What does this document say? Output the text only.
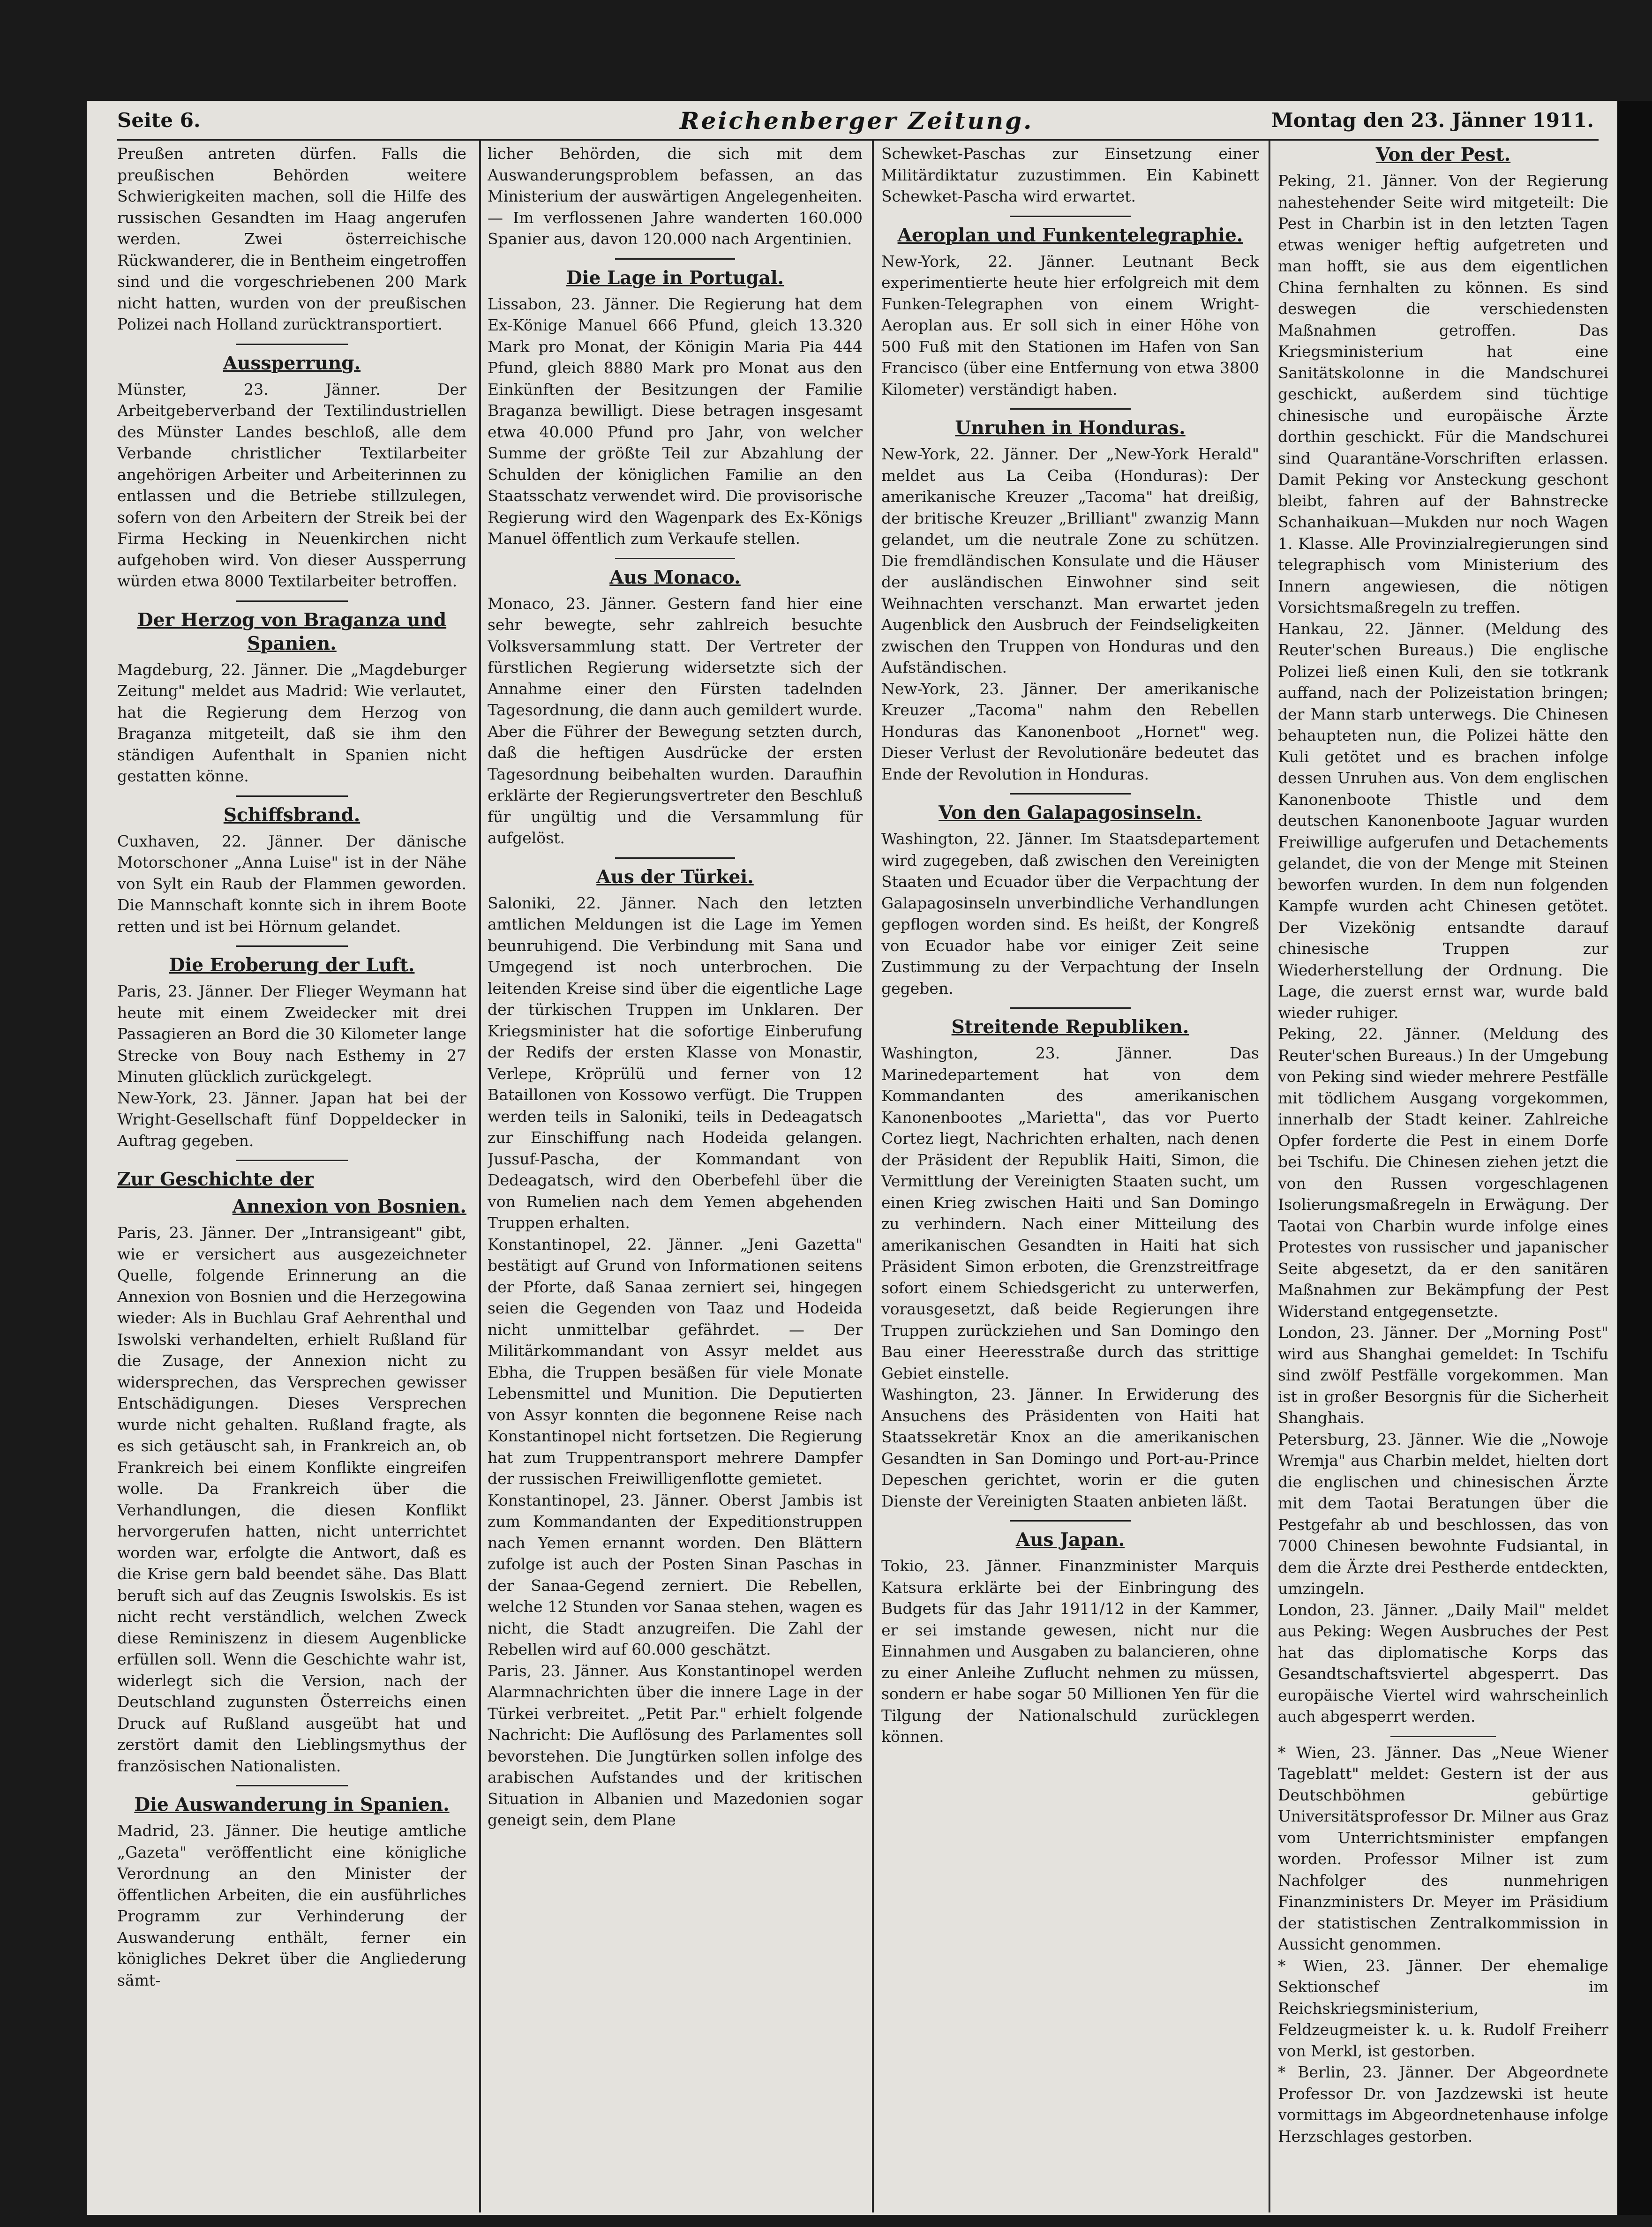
Seite 6.	Reichenberger Zeitung.	Montag den 23. Jänner 1911.

Preußen antreten dürfen. Falls die preußischen Behörden weitere Schwierigkeiten machen, soll die Hilfe des russischen Gesandten im Haag angerufen werden. Zwei österreichische Rückwanderer, die in Bentheim eingetroffen sind und die vorgeschriebenen 200 Mark nicht hatten, wurden von der preußischen Polizei nach Holland zurücktransportiert.

Aussperrung.

Münster, 23. Jänner. Der Arbeitgeberverband der Textilindustriellen des Münster Landes beschloß, alle dem Verbande christlicher Textilarbeiter angehörigen Arbeiter und Arbeiterinnen zu entlassen und die Betriebe stillzulegen, sofern von den Arbeitern der Streik bei der Firma Hecking in Neuenkirchen nicht aufgehoben wird. Von dieser Aussperrung würden etwa 8000 Textilarbeiter betroffen.

Der Herzog von Braganza und Spanien.

Magdeburg, 22. Jänner. Die „Magdeburger Zeitung" meldet aus Madrid: Wie verlautet, hat die Regierung dem Herzog von Braganza mitgeteilt, daß sie ihm den ständigen Aufenthalt in Spanien nicht gestatten könne.

Schiffsbrand.

Cuxhaven, 22. Jänner. Der dänische Motorschoner „Anna Luise" ist in der Nähe von Sylt ein Raub der Flammen geworden. Die Mannschaft konnte sich in ihrem Boote retten und ist bei Hörnum gelandet.

Die Eroberung der Luft.

Paris, 23. Jänner. Der Flieger Weymann hat heute mit einem Zweidecker mit drei Passagieren an Bord die 30 Kilometer lange Strecke von Bouy nach Esthemy in 27 Minuten glücklich zurückgelegt.

New-York, 23. Jänner. Japan hat bei der Wright-Gesellschaft fünf Doppeldecker in Auftrag gegeben.

Zur Geschichte der
Annexion von Bosnien.

Paris, 23. Jänner. Der „Intransigeant" gibt, wie er versichert aus ausgezeichneter Quelle, folgende Erinnerung an die Annexion von Bosnien und die Herzegowina wieder: Als in Buchlau Graf Aehrenthal und Iswolski verhandelten, erhielt Rußland für die Zusage, der Annexion nicht zu widersprechen, das Versprechen gewisser Entschädigungen. Dieses Versprechen wurde nicht gehalten. Rußland fragte, als es sich getäuscht sah, in Frankreich an, ob Frankreich bei einem Konflikte eingreifen wolle. Da Frankreich über die Verhandlungen, die diesen Konflikt hervorgerufen hatten, nicht unterrichtet worden war, erfolgte die Antwort, daß es die Krise gern bald beendet sähe. Das Blatt beruft sich auf das Zeugnis Iswolskis. Es ist nicht recht verständlich, welchen Zweck diese Reminiszenz in diesem Augenblicke erfüllen soll. Wenn die Geschichte wahr ist, widerlegt sich die Version, nach der Deutschland zugunsten Österreichs einen Druck auf Rußland ausgeübt hat und zerstört damit den Lieblingsmythus der französischen Nationalisten.

Die Auswanderung in Spanien.

Madrid, 23. Jänner. Die heutige amtliche „Gazeta" veröffentlicht eine königliche Verordnung an den Minister der öffentlichen Arbeiten, die ein ausführliches Programm zur Verhinderung der Auswanderung enthält, ferner ein königliches Dekret über die Angliederung sämt-

licher Behörden, die sich mit dem Auswanderungsproblem befassen, an das Ministerium der auswärtigen Angelegenheiten. — Im verflossenen Jahre wanderten 160.000 Spanier aus, davon 120.000 nach Argentinien.

Die Lage in Portugal.

Lissabon, 23. Jänner. Die Regierung hat dem Ex-Könige Manuel 666 Pfund, gleich 13.320 Mark pro Monat, der Königin Maria Pia 444 Pfund, gleich 8880 Mark pro Monat aus den Einkünften der Besitzungen der Familie Braganza bewilligt. Diese betragen insgesamt etwa 40.000 Pfund pro Jahr, von welcher Summe der größte Teil zur Abzahlung der Schulden der königlichen Familie an den Staatsschatz verwendet wird. Die provisorische Regierung wird den Wagenpark des Ex-Königs Manuel öffentlich zum Verkaufe stellen.

Aus Monaco.

Monaco, 23. Jänner. Gestern fand hier eine sehr bewegte, sehr zahlreich besuchte Volksversammlung statt. Der Vertreter der fürstlichen Regierung widersetzte sich der Annahme einer den Fürsten tadelnden Tagesordnung, die dann auch gemildert wurde. Aber die Führer der Bewegung setzten durch, daß die heftigen Ausdrücke der ersten Tagesordnung beibehalten wurden. Daraufhin erklärte der Regierungsvertreter den Beschluß für ungültig und die Versammlung für aufgelöst.

Aus der Türkei.

Saloniki, 22. Jänner. Nach den letzten amtlichen Meldungen ist die Lage im Yemen beunruhigend. Die Verbindung mit Sana und Umgegend ist noch unterbrochen. Die leitenden Kreise sind über die eigentliche Lage der türkischen Truppen im Unklaren. Der Kriegsminister hat die sofortige Einberufung der Redifs der ersten Klasse von Monastir, Verlepe, Kröprülü und ferner von 12 Bataillonen von Kossowo verfügt. Die Truppen werden teils in Saloniki, teils in Dedeagatsch zur Einschiffung nach Hodeida gelangen. Jussuf-Pascha, der Kommandant von Dedeagatsch, wird den Oberbefehl über die von Rumelien nach dem Yemen abgehenden Truppen erhalten.

Konstantinopel, 22. Jänner. „Jeni Gazetta" bestätigt auf Grund von Informationen seitens der Pforte, daß Sanaa zerniert sei, hingegen seien die Gegenden von Taaz und Hodeida nicht unmittelbar gefährdet. — Der Militärkommandant von Assyr meldet aus Ebha, die Truppen besäßen für viele Monate Lebensmittel und Munition. Die Deputierten von Assyr konnten die begonnene Reise nach Konstantinopel nicht fortsetzen. Die Regierung hat zum Truppentransport mehrere Dampfer der russischen Freiwilligenflotte gemietet.

Konstantinopel, 23. Jänner. Oberst Jambis ist zum Kommandanten der Expeditionstruppen nach Yemen ernannt worden. Den Blättern zufolge ist auch der Posten Sinan Paschas in der Sanaa-Gegend zerniert. Die Rebellen, welche 12 Stunden vor Sanaa stehen, wagen es nicht, die Stadt anzugreifen. Die Zahl der Rebellen wird auf 60.000 geschätzt.

Paris, 23. Jänner. Aus Konstantinopel werden Alarmnachrichten über die innere Lage in der Türkei verbreitet. „Petit Par." erhielt folgende Nachricht: Die Auflösung des Parlamentes soll bevorstehen. Die Jungtürken sollen infolge des arabischen Aufstandes und der kritischen Situation in Albanien und Mazedonien sogar geneigt sein, dem Plane

Schewket-Paschas zur Einsetzung einer Militärdiktatur zuzustimmen. Ein Kabinett Schewket-Pascha wird erwartet.

Aeroplan und Funkentelegraphie.

New-York, 22. Jänner. Leutnant Beck experimentierte heute hier erfolgreich mit dem Funken-Telegraphen von einem Wright-Aeroplan aus. Er soll sich in einer Höhe von 500 Fuß mit den Stationen im Hafen von San Francisco (über eine Entfernung von etwa 3800 Kilometer) verständigt haben.

Unruhen in Honduras.

New-York, 22. Jänner. Der „New-York Herald" meldet aus La Ceiba (Honduras): Der amerikanische Kreuzer „Tacoma" hat dreißig, der britische Kreuzer „Brilliant" zwanzig Mann gelandet, um die neutrale Zone zu schützen. Die fremdländischen Konsulate und die Häuser der ausländischen Einwohner sind seit Weihnachten verschanzt. Man erwartet jeden Augenblick den Ausbruch der Feindseligkeiten zwischen den Truppen von Honduras und den Aufständischen.

New-York, 23. Jänner. Der amerikanische Kreuzer „Tacoma" nahm den Rebellen Honduras das Kanonenboot „Hornet" weg. Dieser Verlust der Revolutionäre bedeutet das Ende der Revolution in Honduras.

Von den Galapagosinseln.

Washington, 22. Jänner. Im Staatsdepartement wird zugegeben, daß zwischen den Vereinigten Staaten und Ecuador über die Verpachtung der Galapagosinseln unverbindliche Verhandlungen gepflogen worden sind. Es heißt, der Kongreß von Ecuador habe vor einiger Zeit seine Zustimmung zu der Verpachtung der Inseln gegeben.

Streitende Republiken.

Washington, 23. Jänner. Das Marinedepartement hat von dem Kommandanten des amerikanischen Kanonenbootes „Marietta", das vor Puerto Cortez liegt, Nachrichten erhalten, nach denen der Präsident der Republik Haiti, Simon, die Vermittlung der Vereinigten Staaten sucht, um einen Krieg zwischen Haiti und San Domingo zu verhindern. Nach einer Mitteilung des amerikanischen Gesandten in Haiti hat sich Präsident Simon erboten, die Grenzstreitfrage sofort einem Schiedsgericht zu unterwerfen, vorausgesetzt, daß beide Regierungen ihre Truppen zurückziehen und San Domingo den Bau einer Heeresstraße durch das strittige Gebiet einstelle.

Washington, 23. Jänner. In Erwiderung des Ansuchens des Präsidenten von Haiti hat Staatssekretär Knox an die amerikanischen Gesandten in San Domingo und Port-au-Prince Depeschen gerichtet, worin er die guten Dienste der Vereinigten Staaten anbieten läßt.

Aus Japan.

Tokio, 23. Jänner. Finanzminister Marquis Katsura erklärte bei der Einbringung des Budgets für das Jahr 1911/12 in der Kammer, er sei imstande gewesen, nicht nur die Einnahmen und Ausgaben zu balancieren, ohne zu einer Anleihe Zuflucht nehmen zu müssen, sondern er habe sogar 50 Millionen Yen für die Tilgung der Nationalschuld zurücklegen können.

Von der Pest.

Peking, 21. Jänner. Von der Regierung nahestehender Seite wird mitgeteilt: Die Pest in Charbin ist in den letzten Tagen etwas weniger heftig aufgetreten und man hofft, sie aus dem eigentlichen China fernhalten zu können. Es sind deswegen die verschiedensten Maßnahmen getroffen. Das Kriegsministerium hat eine Sanitätskolonne in die Mandschurei geschickt, außerdem sind tüchtige chinesische und europäische Ärzte dorthin geschickt. Für die Mandschurei sind Quarantäne-Vorschriften erlassen. Damit Peking vor Ansteckung geschont bleibt, fahren auf der Bahnstrecke Schanhaikuan—Mukden nur noch Wagen 1. Klasse. Alle Provinzialregierungen sind telegraphisch vom Ministerium des Innern angewiesen, die nötigen Vorsichtsmaßregeln zu treffen.

Hankau, 22. Jänner. (Meldung des Reuter'schen Bureaus.) Die englische Polizei ließ einen Kuli, den sie totkrank auffand, nach der Polizeistation bringen; der Mann starb unterwegs. Die Chinesen behaupteten nun, die Polizei hätte den Kuli getötet und es brachen infolge dessen Unruhen aus. Von dem englischen Kanonenboote Thistle und dem deutschen Kanonenboote Jaguar wurden Freiwillige aufgerufen und Detachements gelandet, die von der Menge mit Steinen beworfen wurden. In dem nun folgenden Kampfe wurden acht Chinesen getötet. Der Vizekönig entsandte darauf chinesische Truppen zur Wiederherstellung der Ordnung. Die Lage, die zuerst ernst war, wurde bald wieder ruhiger.

Peking, 22. Jänner. (Meldung des Reuter'schen Bureaus.) In der Umgebung von Peking sind wieder mehrere Pestfälle mit tödlichem Ausgang vorgekommen, innerhalb der Stadt keiner. Zahlreiche Opfer forderte die Pest in einem Dorfe bei Tschifu. Die Chinesen ziehen jetzt die von den Russen vorgeschlagenen Isolierungsmaßregeln in Erwägung. Der Taotai von Charbin wurde infolge eines Protestes von russischer und japanischer Seite abgesetzt, da er den sanitären Maßnahmen zur Bekämpfung der Pest Widerstand entgegensetzte.

London, 23. Jänner. Der „Morning Post" wird aus Shanghai gemeldet: In Tschifu sind zwölf Pestfälle vorgekommen. Man ist in großer Besorgnis für die Sicherheit Shanghais.

Petersburg, 23. Jänner. Wie die „Nowoje Wremja" aus Charbin meldet, hielten dort die englischen und chinesischen Ärzte mit dem Taotai Beratungen über die Pestgefahr ab und beschlossen, das von 7000 Chinesen bewohnte Fudsiantal, in dem die Ärzte drei Pestherde entdeckten, umzingeln.

London, 23. Jänner. „Daily Mail" meldet aus Peking: Wegen Ausbruches der Pest hat das diplomatische Korps das Gesandtschaftsviertel abgesperrt. Das europäische Viertel wird wahrscheinlich auch abgesperrt werden.

* Wien, 23. Jänner. Das „Neue Wiener Tageblatt" meldet: Gestern ist der aus Deutschböhmen gebürtige Universitätsprofessor Dr. Milner aus Graz vom Unterrichtsminister empfangen worden. Professor Milner ist zum Nachfolger des nunmehrigen Finanzministers Dr. Meyer im Präsidium der statistischen Zentralkommission in Aussicht genommen.

* Wien, 23. Jänner. Der ehemalige Sektionschef im Reichskriegsministerium, Feldzeugmeister k. u. k. Rudolf Freiherr von Merkl, ist gestorben.

* Berlin, 23. Jänner. Der Abgeordnete Professor Dr. von Jazdzewski ist heute vormittags im Abgeordnetenhause infolge Herzschlages gestorben.
